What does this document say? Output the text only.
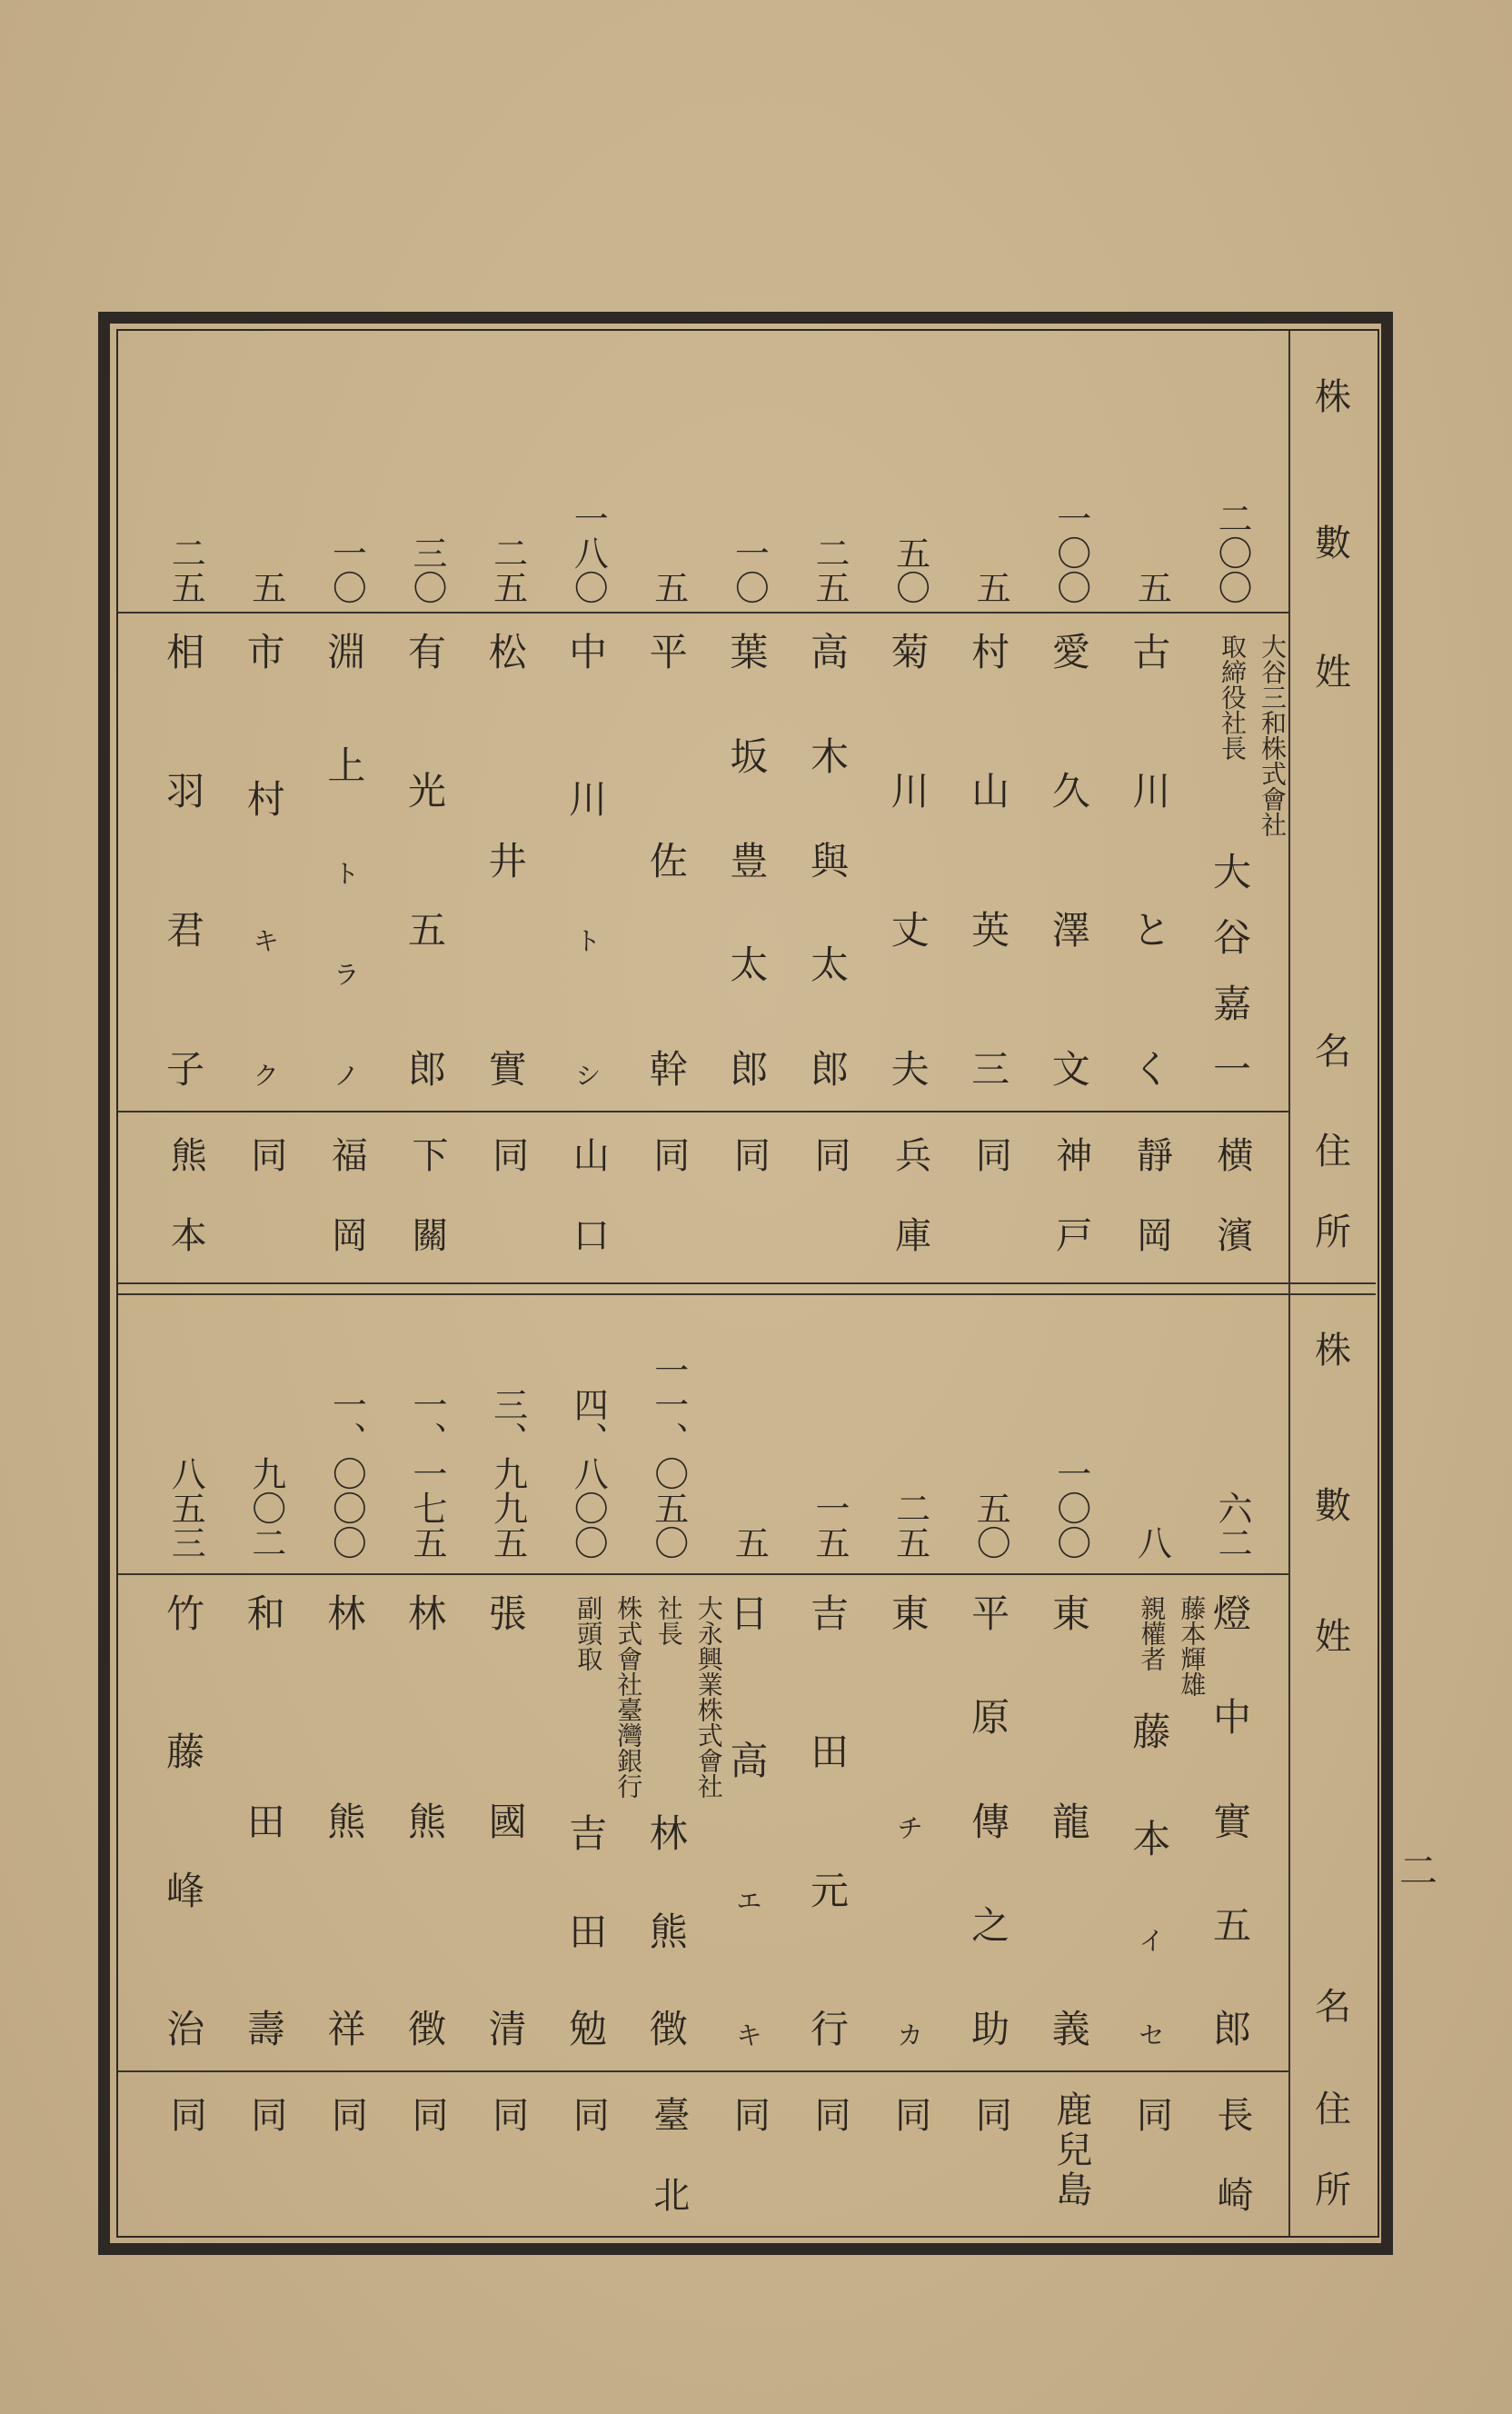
株
數
姓
名
住
所
株
數
姓
名
住
所
二
二〇〇
大谷三和株式會社
取締役社長
大
谷
嘉
一
横濱
五
古
川
と
く
靜岡
一〇〇
愛
久
澤
文
神戸
五
村
山
英
三
同
五〇
菊
川
丈
夫
兵庫
二五
高
木
與
太
郎
同
一〇
葉
坂
豊
太
郎
同
五
平
佐
幹
同
一八〇
中
川
ト
シ
山口
二五
松
井
實
同
三〇
有
光
五
郎
下關
一〇
淵
上
ト
ラ
ノ
福岡
五
市
村
キ
ク
同
二五
相
羽
君
子
熊本
六二
燈
中
實
五
郎
長崎
八
藤本輝雄
親權者
藤
本
イ
セ
同
一〇〇
東
龍
義
鹿兒島
五〇
平
原
傳
之
助
同
二五
東
チ
カ
同
一五
吉
田
元
行
同
五
日
高
エ
キ
同
一一、〇五〇
大永興業株式會社
社長
林
熊
徴
臺北
四、八〇〇
株式會社臺灣銀行
副頭取
吉
田
勉
同
三、九九五
張
國
清
同
一、一七五
林
熊
徴
同
一、〇〇〇
林
熊
祥
同
九〇二
和
田
壽
同
八五三
竹
藤
峰
治
同
